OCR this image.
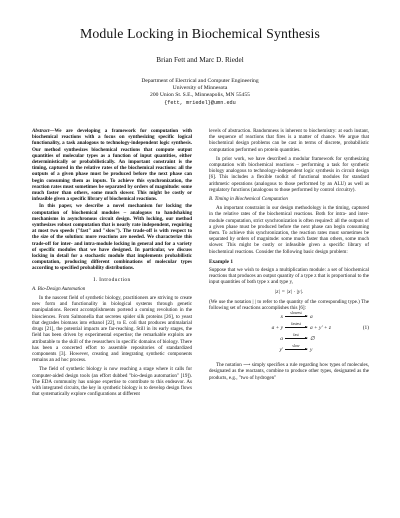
Module Locking in Biochemical Synthesis
Brian Fett and Marc D. Riedel
Department of Electrical and Computer Engineering
University of Minnesota
200 Union St. S.E., Minneapolis, MN 55455
{fett, mriedel}@umn.edu
Abstract—We are developing a framework for computation with biochemical reactions with a focus on synthesizing specific logical functionality, a task analogous to technology-independent logic synthesis. Our method synthesizes biochemical reactions that compute output quantities of molecular types as a function of input quantities, either deterministically or probabilistically. An important constraint is the timing, captured in the relative rates of the biochemical reactions: all the outputs of a given phase must be produced before the next phase can begin consuming them as inputs. To achieve this synchronization, the reaction rates must sometimes be separated by orders of magnitude: some much faster than others, some much slower. This might be costly or infeasible given a specific library of biochemical reactions.

In this paper, we describe a novel mechanism for locking the computation of biochemical modules – analogous to handshaking mechanisms in asynchronous circuit design. With locking, our method synthesizes robust computation that is nearly rate independent, requiring at most two speeds ("fast" and "slow"). The trade-off is with respect to the size of the solution: more reactions are needed. We characterize this trade-off for inter- and intra-module locking in general and for a variety of specific modules that we have designed. In particular, we discuss locking in detail for a stochastic module that implements probabilistic computation, producing different combinations of molecular types according to specified probability distributions.

I. Introduction
A. Bio-Design Automation

In the nascent field of synthetic biology, practitioners are striving to create new form and functionality in biological systems through genetic manipulations. Recent accomplishments portend a coming revolution in the biosciences. From Salmonella that secretes spider silk proteins [26], to yeast that degrades biomass into ethanol [22], to E. coli that produces antimalarial drugs [21], the potential impacts are far-reaching. Still in its early stages, the field has been driven by experimental expertise; the remarkable exploits are attributable to the skill of the researchers in specific domains of biology. There has been a concerted effort to assemble repositories of standardized components [3]. However, creating and integrating synthetic components remains an ad hoc process.

The field of synthetic biology is now reaching a stage where it calls for computer-aided design tools (an effort dubbed "bio-design automation" [19]). The EDA community has unique expertise to contribute to this endeavor. As with integrated circuits, the key in synthetic biology is to develop design flows that systematically explore configurations at different

levels of abstraction. Randomness is inherent to biochemistry: at each instant, the sequence of reactions that fires is a matter of chance. We argue that biochemical design problems can be cast in terms of discrete, probabilistic computation performed on protein quantities.

In prior work, we have described a modular framework for synthesizing computation with biochemical reactions – performing a task for synthetic biology analogous to technology-independent logic synthesis in circuit design [6]. This includes a flexible toolkit of functional modules for standard arithmetic operations (analogous to those performed by an ALU) as well as regulatory functions (analogous to those performed by control circuitry).

B. Timing in Biochemical Computation

An important constraint in our design methodology is the timing, captured in the relative rates of the biochemical reactions. Both for intra- and inter-module computation, strict synchronization is often required: all the outputs of a given phase must be produced before the next phase can begin consuming them. To achieve this synchronization, the reaction rates must sometimes be separated by orders of magnitude: some much faster than others, some much slower. This might be costly or infeasible given a specific library of biochemical reactions. Consider the following basic design problem:

Example 1

Suppose that we wish to design a multiplication module: a set of biochemical reactions that produces an output quantity of a type z that is proportional to the input quantities of both type x and type y,

|z| = |x| · |y|.

(We use the notation | | to refer to the quantity of the corresponding type.) The following set of reactions accomplishes this [6]:

x
slowest
a
a + y
fastest
a + y' + z	(1)
a
fast
∅
y'
slow
y

The notation ⟶ simply specifies a rule regarding how types of molecules, designated as the reactants, combine to produce other types, designated as the products, e.g., "two of hydrogen"
